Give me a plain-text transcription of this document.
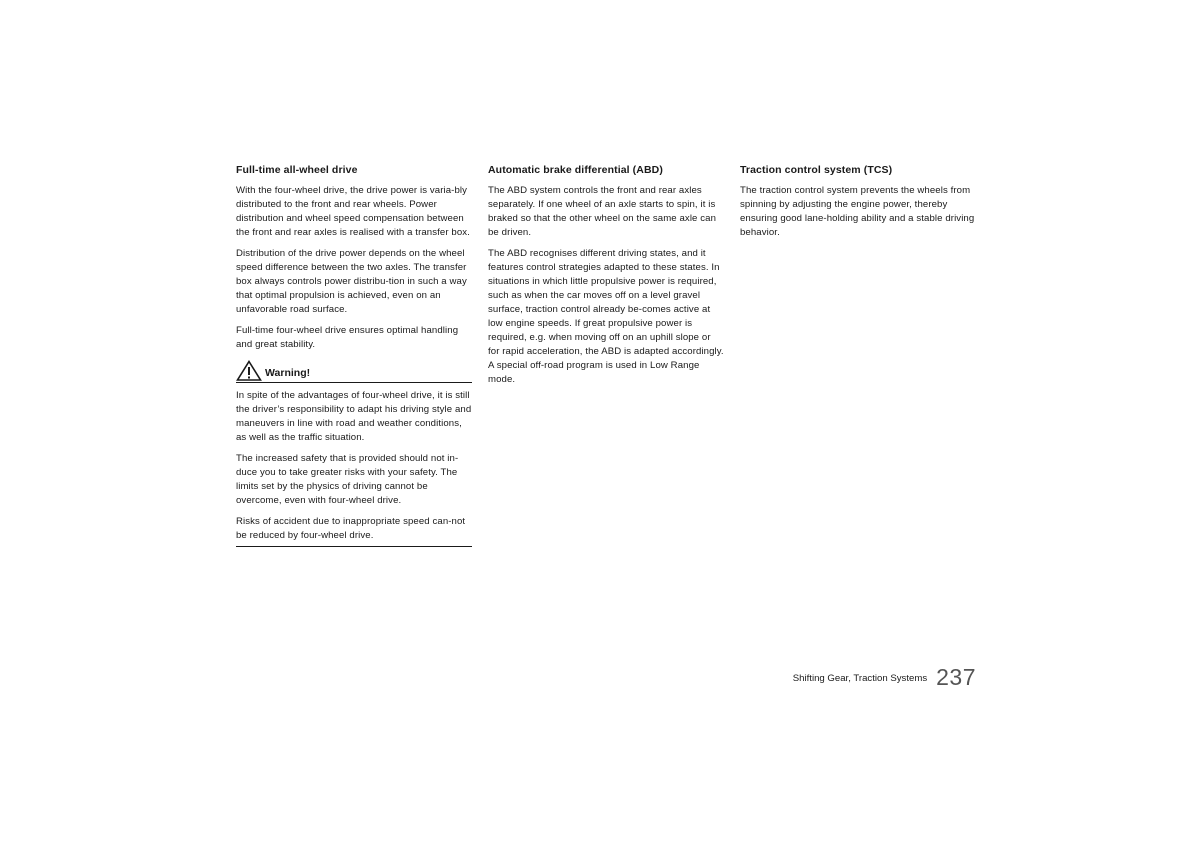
Full-time all-wheel drive

With the four-wheel drive, the drive power is varia-bly distributed to the front and rear wheels. Power distribution and wheel speed compensation between the front and rear axles is realised with a transfer box.

Distribution of the drive power depends on the wheel speed difference between the two axles. The transfer box always controls power distribu-tion in such a way that optimal propulsion is achieved, even on an unfavorable road surface.

Full-time four-wheel drive ensures optimal handling and great stability.

Warning!

In spite of the advantages of four-wheel drive, it is still the driver’s responsibility to adapt his driving style and maneuvers in line with road and weather conditions, as well as the traffic situation.

The increased safety that is provided should not in-duce you to take greater risks with your safety. The limits set by the physics of driving cannot be overcome, even with four-wheel drive.

Risks of accident due to inappropriate speed can-not be reduced by four-wheel drive.

Automatic brake differential (ABD)

The ABD system controls the front and rear axles separately. If one wheel of an axle starts to spin, it is braked so that the other wheel on the same axle can be driven.

The ABD recognises different driving states, and it features control strategies adapted to these states. In situations in which little propulsive power is required, such as when the car moves off on a level gravel surface, traction control already be-comes active at low engine speeds. If great propulsive power is required, e.g. when moving off on an uphill slope or for rapid acceleration, the ABD is adapted accordingly.

A special off-road program is used in Low Range mode.

Traction control system (TCS)

The traction control system prevents the wheels from spinning by adjusting the engine power, thereby ensuring good lane-holding ability and a stable driving behavior.

Shifting Gear, Traction Systems 237
